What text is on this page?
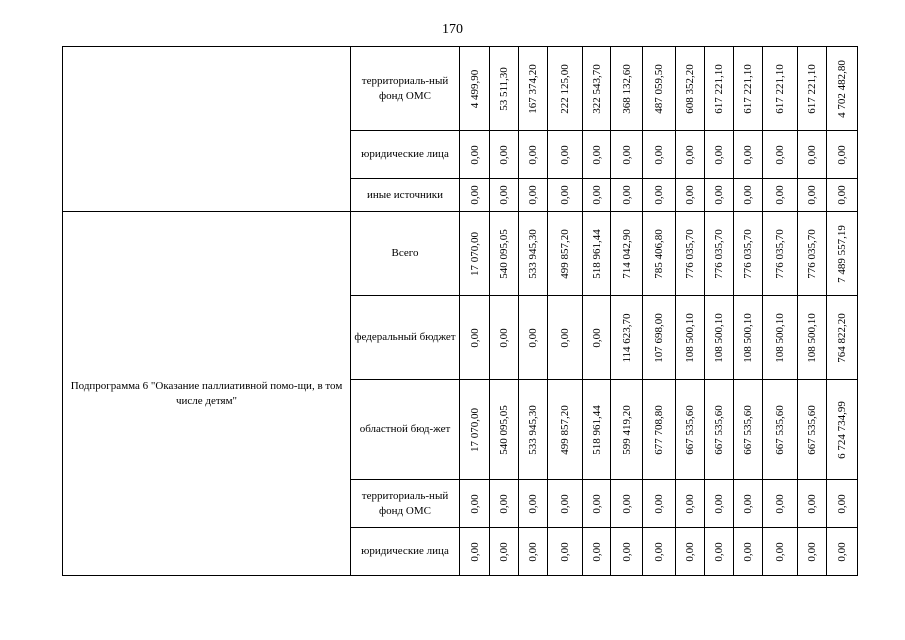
170
	территориаль-ный фонд ОМС	4 499,90	53 511,30	167 374,20	222 125,00	322 543,70	368 132,60	487 059,50	608 352,20	617 221,10	617 221,10	617 221,10	617 221,10	4 702 482,80

	юридические лица	0,00	0,00	0,00	0,00	0,00	0,00	0,00	0,00	0,00	0,00	0,00	0,00	0,00

	иные источники	0,00	0,00	0,00	0,00	0,00	0,00	0,00	0,00	0,00	0,00	0,00	0,00	0,00

Подпрограмма 6 "Оказание паллиативной помо-щи, в том числе детям"	Всего	17 070,00	540 095,05	533 945,30	499 857,20	518 961,44	714 042,90	785 406,80	776 035,70	776 035,70	776 035,70	776 035,70	776 035,70	7 489 557,19

	федеральный бюджет	0,00	0,00	0,00	0,00	0,00	114 623,70	107 698,00	108 500,10	108 500,10	108 500,10	108 500,10	108 500,10	764 822,20

	областной бюд-жет	17 070,00	540 095,05	533 945,30	499 857,20	518 961,44	599 419,20	677 708,80	667 535,60	667 535,60	667 535,60	667 535,60	667 535,60	6 724 734,99

	территориаль-ный фонд ОМС	0,00	0,00	0,00	0,00	0,00	0,00	0,00	0,00	0,00	0,00	0,00	0,00	0,00

	юридические лица	0,00	0,00	0,00	0,00	0,00	0,00	0,00	0,00	0,00	0,00	0,00	0,00	0,00
